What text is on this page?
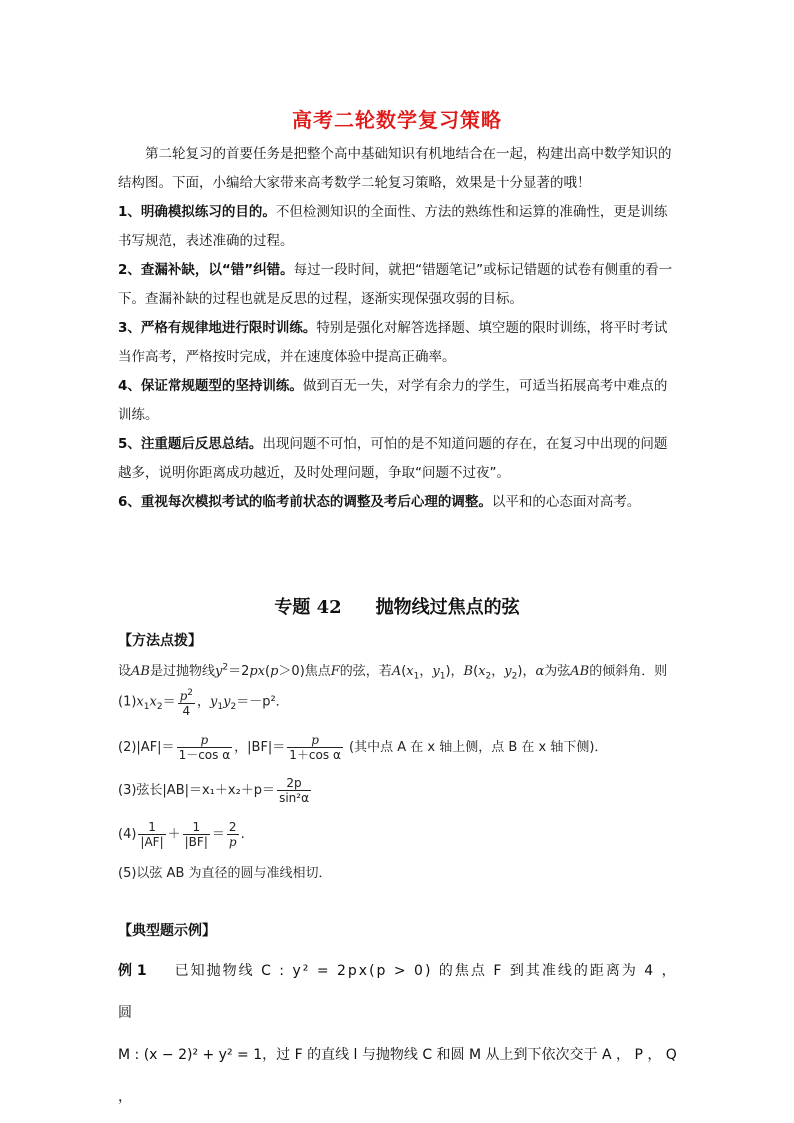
高考二轮数学复习策略
第二轮复习的首要任务是把整个高中基础知识有机地结合在一起，构建出高中数学知识的结构图。下面，小编给大家带来高考数学二轮复习策略，效果是十分显著的哦！
1、明确模拟练习的目的。不但检测知识的全面性、方法的熟练性和运算的准确性，更是训练书写规范，表述准确的过程。
2、查漏补缺，以“错”纠错。每过一段时间，就把“错题笔记”或标记错题的试卷有侧重的看一下。查漏补缺的过程也就是反思的过程，逐渐实现保强攻弱的目标。
3、严格有规律地进行限时训练。特别是强化对解答选择题、填空题的限时训练，将平时考试当作高考，严格按时完成，并在速度体验中提高正确率。
4、保证常规题型的坚持训练。做到百无一失，对学有余力的学生，可适当拓展高考中难点的训练。
5、注重题后反思总结。出现问题不可怕，可怕的是不知道问题的存在，在复习中出现的问题越多，说明你距离成功越近，及时处理问题，争取“问题不过夜”。
6、重视每次模拟考试的临考前状态的调整及考后心理的调整。以平和的心态面对高考。
专题 42 抛物线过焦点的弦
【方法点拨】
设AB是过抛物线$y^2=2px(p>0)$焦点F的弦，若$A(x_1$，$y_1$)，$B(x_2$，$y_2$)，α为弦AB的倾斜角．则
$(1)x_1x_2= \frac{p^2}{4}$ ，$y_1y_2=-p^2$．
$(2)|AF|= \frac{p}{\text{1－cos α}}$ ，$|BF|= \frac{p}{\text{1＋cos α}}$ (其中点 A 在 x 轴上侧，点 B 在 x 轴下侧)．
(3)弦长$|AB|=x_1+x_2+p= \frac{2p}{\text{sin²α}}$
$(4) \frac{1}{|AF|} + \frac{1}{|BF|} = \frac{2}{p}$ .
(5)以弦 AB 为直径的圆与准线相切．
【典型题示例】
例 1 已知抛物线 C : y² = 2px(p > 0) 的焦点 F 到其准线的距离为 4 ，圆
M : (x − 2)² + y² = 1，过 F 的直线 l 与抛物线 C 和圆 M 从上到下依次交于 A ， P ， Q ，
